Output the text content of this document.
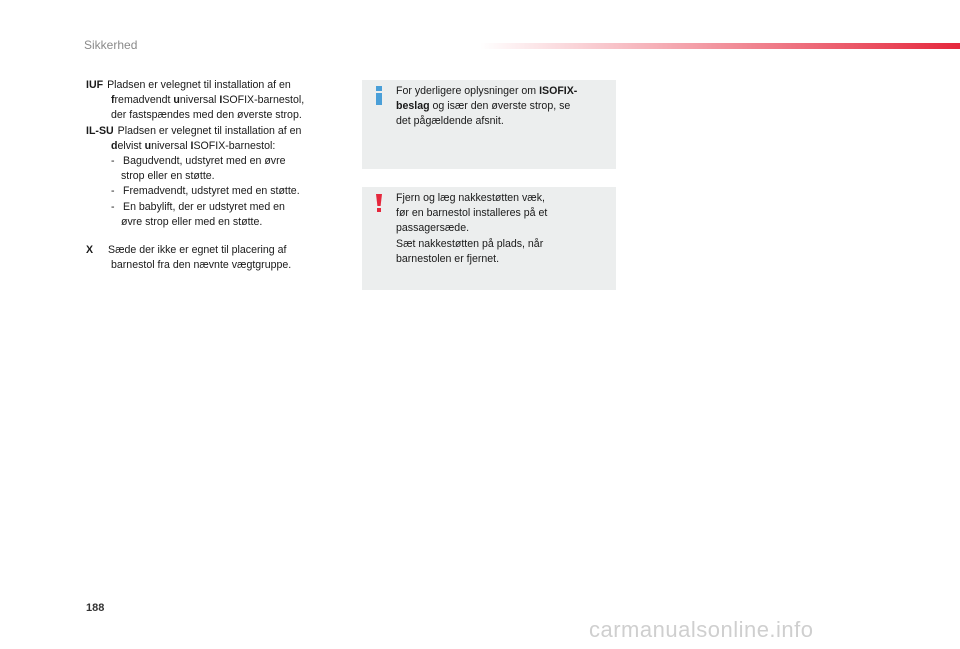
Sikkerhed
IUF Pladsen er velegnet til installation af en
fremadvendt universal ISOFIX-barnestol,
der fastspændes med den øverste strop.
IL-SU Pladsen er velegnet til installation af en
delvist universal ISOFIX-barnestol:
- Bagudvendt, udstyret med en øvre
strop eller en støtte.
- Fremadvendt, udstyret med en støtte.
- En babylift, der er udstyret med en
øvre strop eller med en støtte.
X	Sæde der ikke er egnet til placering af
barnestol fra den nævnte vægtgruppe.
For yderligere oplysninger om ISOFIX-
beslag og især den øverste strop, se
det pågældende afsnit.
Fjern og læg nakkestøtten væk,
før en barnestol installeres på et
passagersæde.
Sæt nakkestøtten på plads, når
barnestolen er fjernet.
188
carmanualsonline.info
